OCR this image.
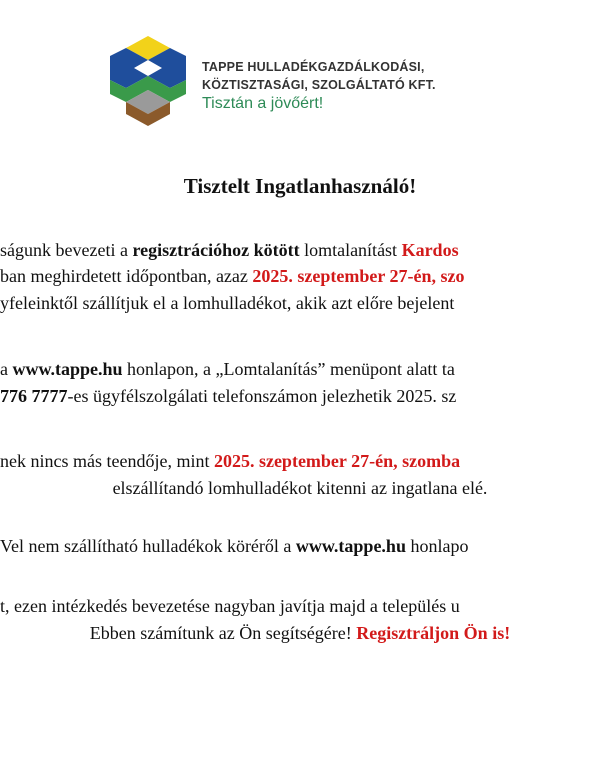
TAPPE HULLADÉKGAZDÁLKODÁSI,
KÖZTISZTASÁGI, SZOLGÁLTATÓ KFT.
Tisztán a jövőért!
Tisztelt Ingatlanhasználó!
ságunk bevezeti a regisztrációhoz kötött lomtalanítást Kardos
ban meghirdetett időpontban, azaz 2025. szeptember 27-én, szo
yfeleinktől szállítjuk el a lomhulladékot, akik azt előre bejelent
a www.tappe.hu honlapon, a „Lomtalanítás” menüpont alatt ta
776 7777-es ügyfélszolgálati telefonszámon jelezhetik 2025. sz
nek nincs más teendője, mint 2025. szeptember 27-én, szomba
elszállítandó lomhulladékot kitenni az ingatlana elé.
Vel nem szállítható hulladékok köréről a www.tappe.hu honlapo
t, ezen intézkedés bevezetése nagyban javítja majd a település u
Ebben számítunk az Ön segítségére! Regisztráljon Ön is!
